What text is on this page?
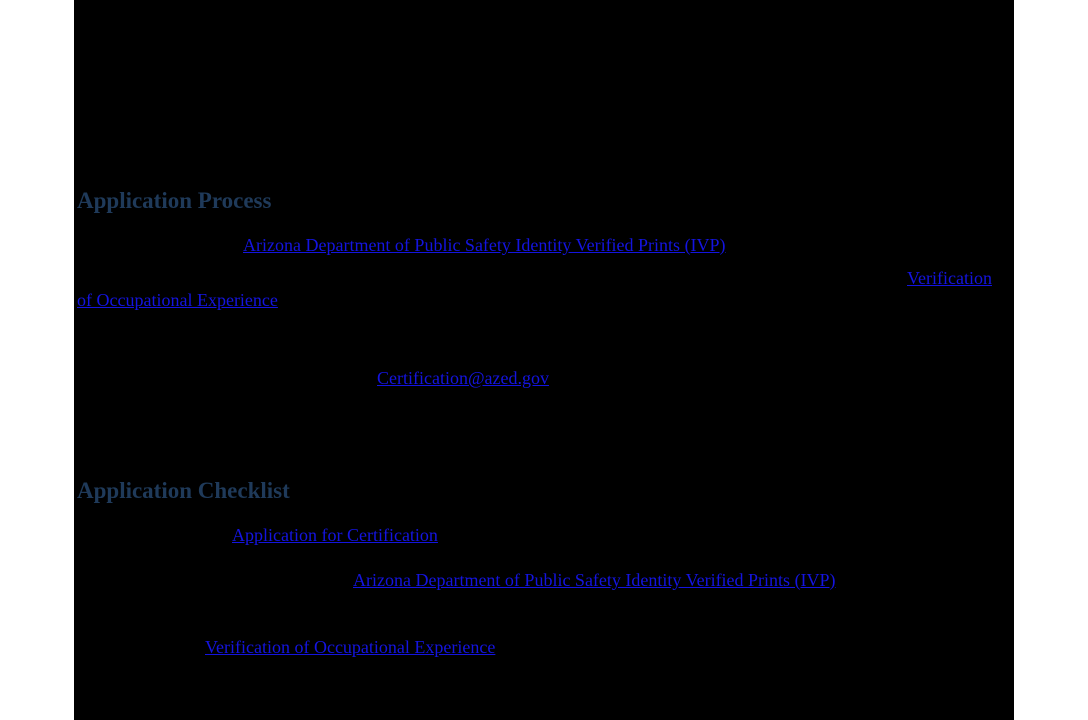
Application Process
Arizona Department of Public Safety Identity Verified Prints (IVP)
Verification
of Occupational Experience
Certification@azed.gov
Application Checklist
Application for Certification
Arizona Department of Public Safety Identity Verified Prints (IVP)
Verification of Occupational Experience
